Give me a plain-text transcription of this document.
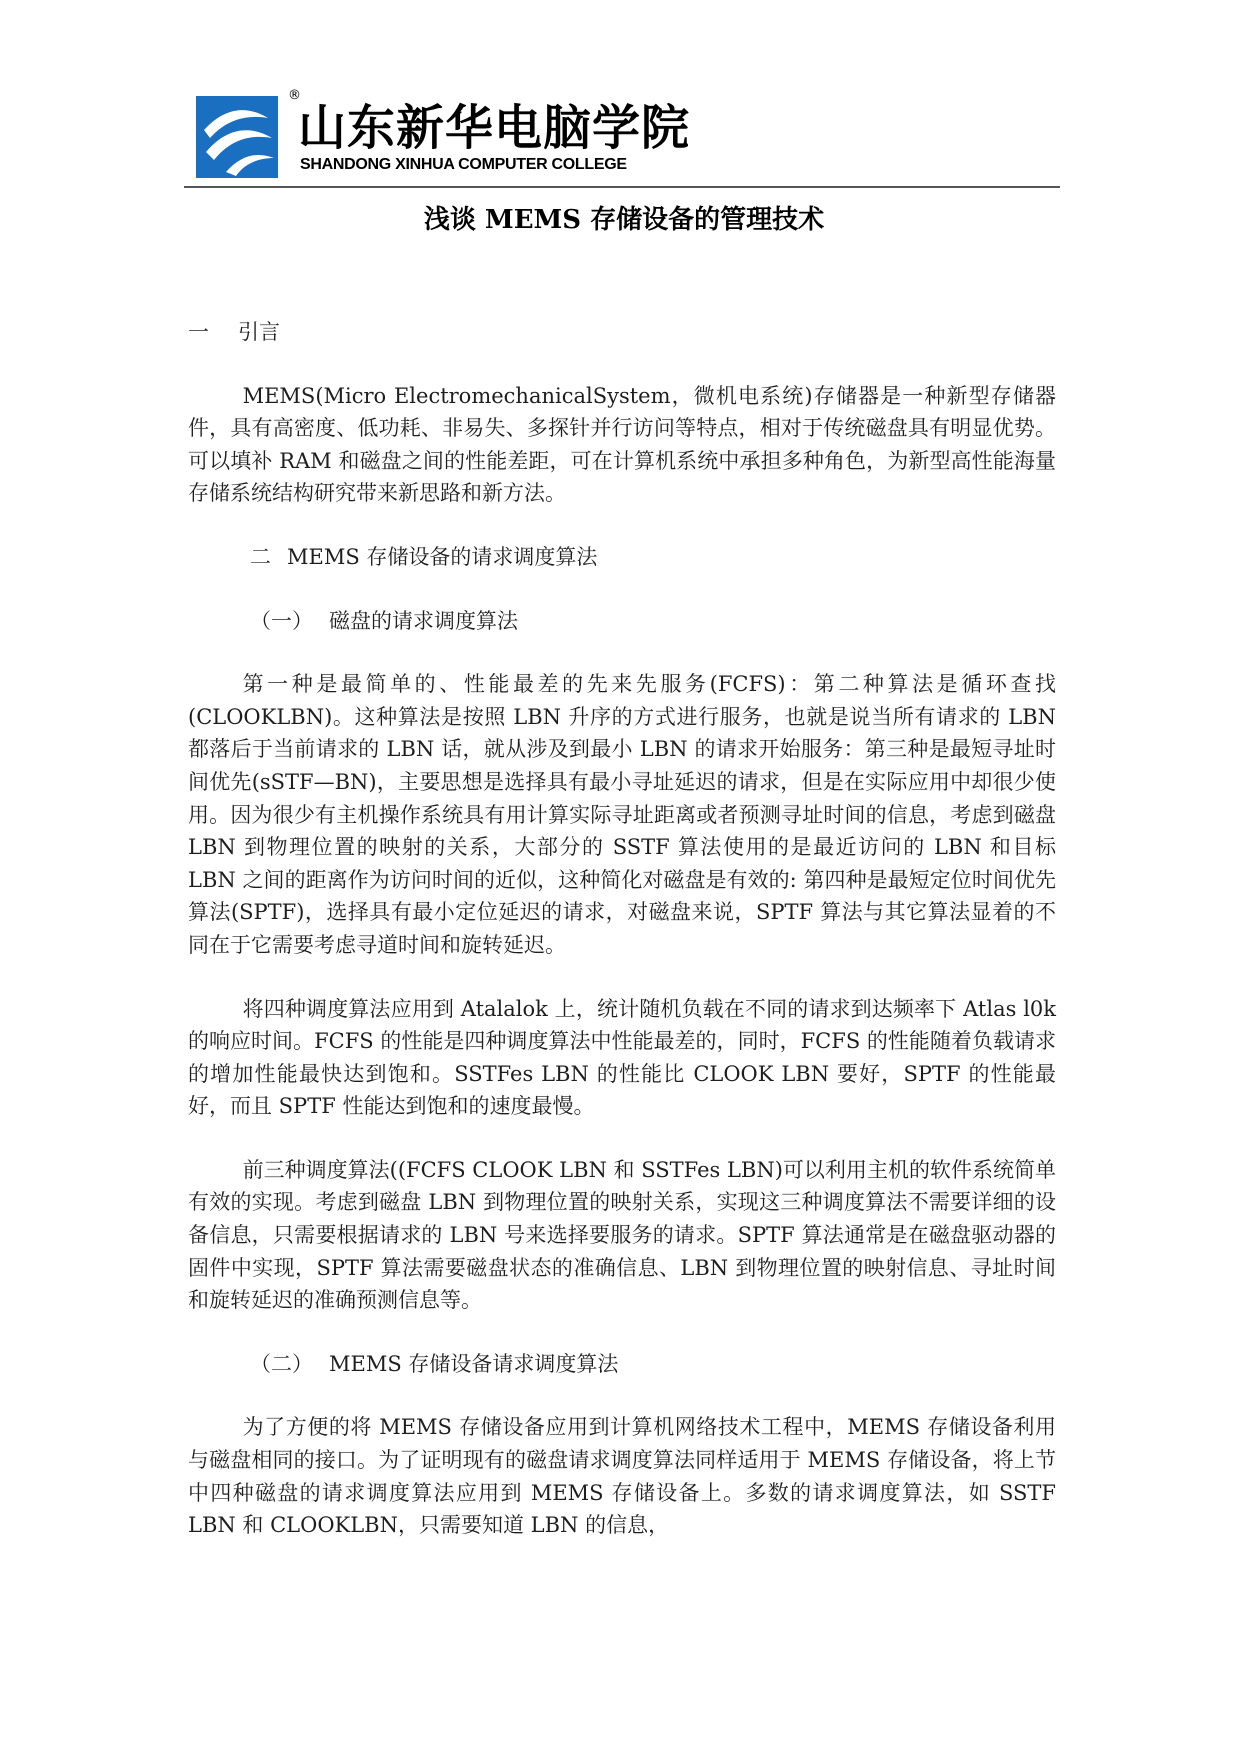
®
山东新华电脑学院
SHANDONG XINHUA COMPUTER COLLEGE
浅谈 MEMS 存储设备的管理技术

一 引言

MEMS(Micro ElectromechanicalSystem，微机电系统)存储器是一种新型存储器件，具有高密度、低功耗、非易失、多探针并行访问等特点，相对于传统磁盘具有明显优势。可以填补 RAM 和磁盘之间的性能差距，可在计算机系统中承担多种角色，为新型高性能海量存储系统结构研究带来新思路和新方法。

二 MEMS 存储设备的请求调度算法

（一） 磁盘的请求调度算法

第一种是最简单的、性能最差的先来先服务(FCFS)：第二种算法是循环查找(CLOOKLBN)。这种算法是按照 LBN 升序的方式进行服务，也就是说当所有请求的 LBN 都落后于当前请求的 LBN 话，就从涉及到最小 LBN 的请求开始服务：第三种是最短寻址时间优先(sSTF—BN)，主要思想是选择具有最小寻址延迟的请求，但是在实际应用中却很少使用。因为很少有主机操作系统具有用计算实际寻址距离或者预测寻址时间的信息，考虑到磁盘 LBN 到物理位置的映射的关系，大部分的 SSTF 算法使用的是最近访问的 LBN 和目标 LBN 之间的距离作为访问时间的近似，这种简化对磁盘是有效的: 第四种是最短定位时间优先算法(SPTF)，选择具有最小定位延迟的请求，对磁盘来说，SPTF 算法与其它算法显着的不同在于它需要考虑寻道时间和旋转延迟。

将四种调度算法应用到 Atalalok 上，统计随机负载在不同的请求到达频率下 Atlas l0k 的响应时间。FCFS 的性能是四种调度算法中性能最差的，同时，FCFS 的性能随着负载请求的增加性能最快达到饱和。SSTFes LBN 的性能比 CLOOK LBN 要好，SPTF 的性能最好，而且 SPTF 性能达到饱和的速度最慢。

前三种调度算法((FCFS CLOOK LBN 和 SSTFes LBN)可以利用主机的软件系统简单有效的实现。考虑到磁盘 LBN 到物理位置的映射关系，实现这三种调度算法不需要详细的设备信息，只需要根据请求的 LBN 号来选择要服务的请求。SPTF 算法通常是在磁盘驱动器的固件中实现，SPTF 算法需要磁盘状态的准确信息、LBN 到物理位置的映射信息、寻址时间和旋转延迟的准确预测信息等。

（二） MEMS 存储设备请求调度算法

为了方便的将 MEMS 存储设备应用到计算机网络技术工程中，MEMS 存储设备利用与磁盘相同的接口。为了证明现有的磁盘请求调度算法同样适用于 MEMS 存储设备，将上节中四种磁盘的请求调度算法应用到 MEMS 存储设备上。多数的请求调度算法，如 SSTF LBN 和 CLOOKLBN，只需要知道 LBN 的信息，
